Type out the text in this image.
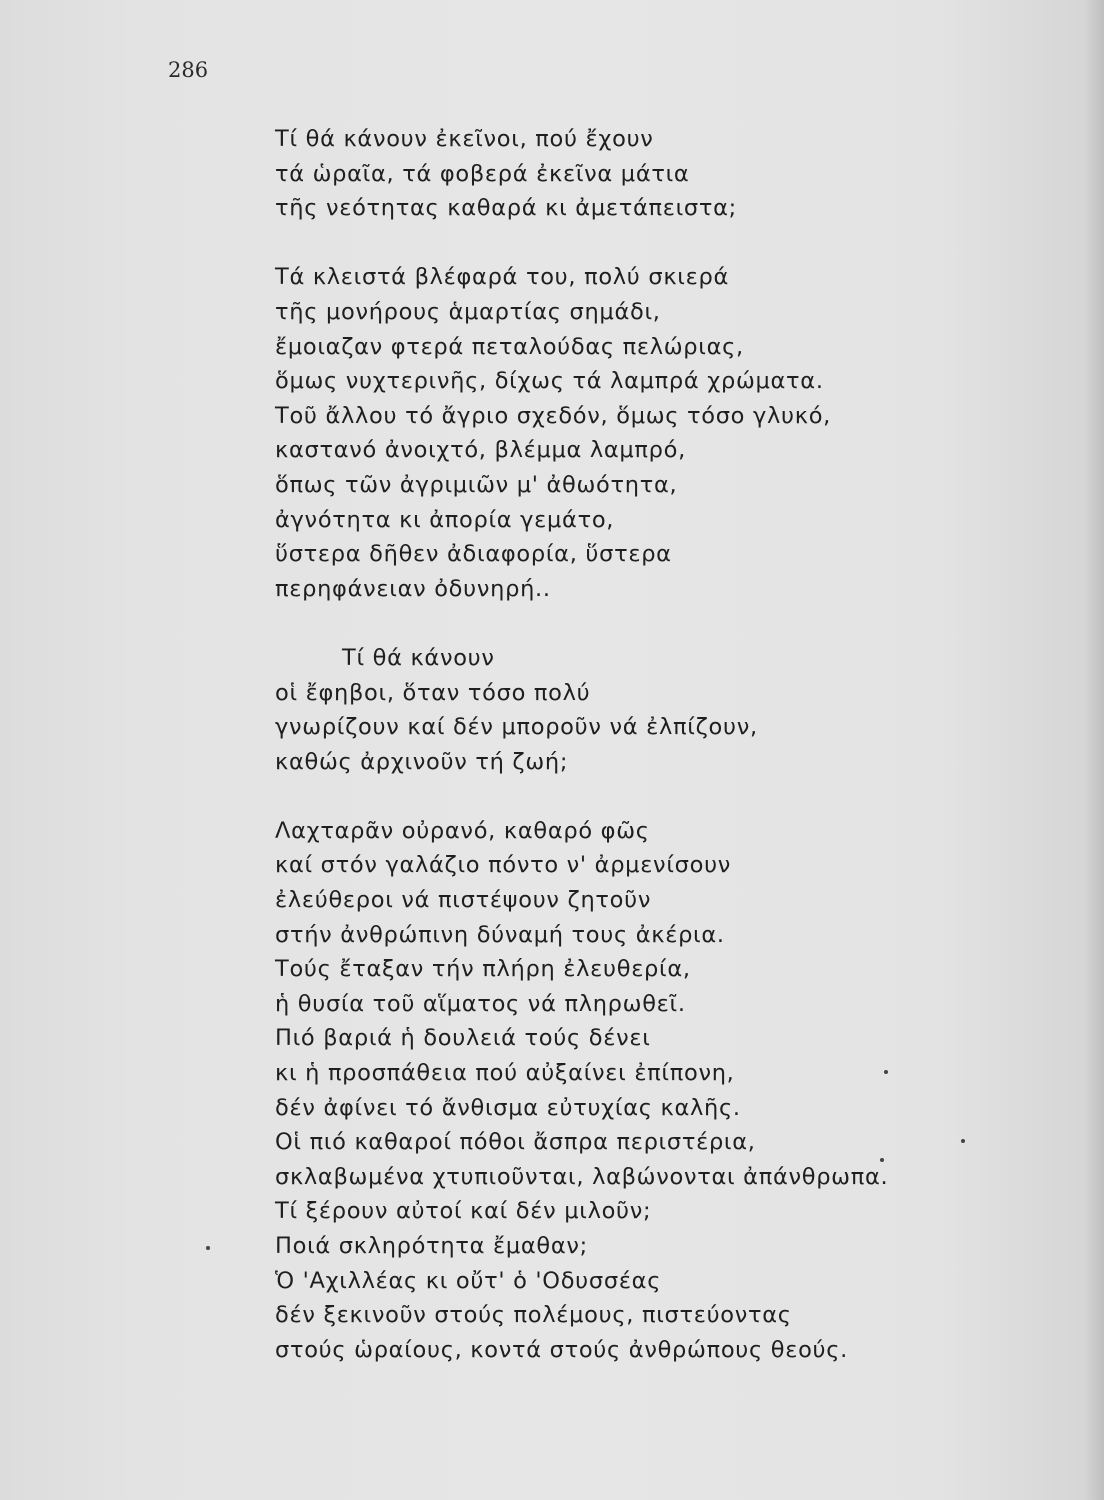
286

Τί θά κάνουν ἐκεῖνοι, πού ἔχουν
τά ὡραῖα, τά φοβερά ἐκεῖνα μάτια
τῆς νεότητας καθαρά κι ἀμετάπειστα;
Τά κλειστά βλέφαρά του, πολύ σκιερά
τῆς μονήρους ἁμαρτίας σημάδι,
ἔμοιαζαν φτερά πεταλούδας πελώριας,
ὅμως νυχτερινῆς, δίχως τά λαμπρά χρώματα.
Τοῦ ἄλλου τό ἄγριο σχεδόν, ὅμως τόσο γλυκό,
καστανό ἀνοιχτό, βλέμμα λαμπρό,
ὅπως τῶν ἀγριμιῶν μ' ἀθωότητα,
ἀγνότητα κι ἀπορία γεμάτο,
ὕστερα δῆθεν ἀδιαφορία, ὕστερα
περηφάνειαν ὀδυνηρή..
Τί θά κάνουν
οἱ ἔφηβοι, ὅταν τόσο πολύ
γνωρίζουν καί δέν μποροῦν νά ἐλπίζουν,
καθώς ἀρχινοῦν τή ζωή;
Λαχταρᾶν οὐρανό, καθαρό φῶς
καί στόν γαλάζιο πόντο ν' ἀρμενίσουν
ἐλεύθεροι νά πιστέψουν ζητοῦν
στήν ἀνθρώπινη δύναμή τους ἀκέρια.
Τούς ἔταξαν τήν πλήρη ἐλευθερία,
ἡ θυσία τοῦ αἵματος νά πληρωθεῖ.
Πιό βαριά ἡ δουλειά τούς δένει
κι ἡ προσπάθεια πού αὐξαίνει ἐπίπονη,
δέν ἀφίνει τό ἄνθισμα εὐτυχίας καλῆς.
Οἱ πιό καθαροί πόθοι ἄσπρα περιστέρια,
σκλαβωμένα χτυπιοῦνται, λαβώνονται ἀπάνθρωπα.
Τί ξέρουν αὐτοί καί δέν μιλοῦν;
Ποιά σκληρότητα ἔμαθαν;
Ὁ 'Αχιλλέας κι οὔτ' ὁ 'Οδυσσέας
δέν ξεκινοῦν στούς πολέμους, πιστεύοντας
στούς ὡραίους, κοντά στούς ἀνθρώπους θεούς.
